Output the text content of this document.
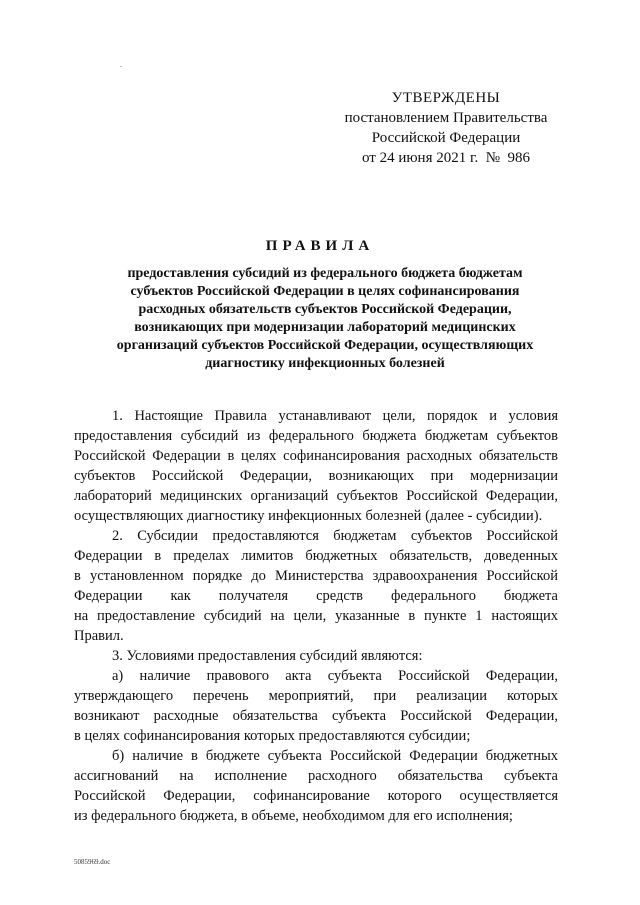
УТВЕРЖДЕНЫ
постановлением Правительства
Российской Федерации
от 24 июня 2021 г.  №  986
ПРАВИЛА
предоставления субсидий из федерального бюджета бюджетам
субъектов Российской Федерации в целях софинансирования
расходных обязательств субъектов Российской Федерации,
возникающих при модернизации лабораторий медицинских
организаций субъектов Российской Федерации, осуществляющих
диагностику инфекционных болезней
1. Настоящие Правила устанавливают цели, порядок и условия
предоставления субсидий из федерального бюджета бюджетам субъектов
Российской Федерации в целях софинансирования расходных обязательств
субъектов Российской Федерации, возникающих при модернизации
лабораторий медицинских организаций субъектов Российской Федерации,
осуществляющих диагностику инфекционных болезней (далее - субсидии).
2. Субсидии предоставляются бюджетам субъектов Российской
Федерации в пределах лимитов бюджетных обязательств, доведенных
в установленном порядке до Министерства здравоохранения Российской
Федерации как получателя средств федерального бюджета
на предоставление субсидий на цели, указанные в пункте 1 настоящих
Правил.
3. Условиями предоставления субсидий являются:
а) наличие правового акта субъекта Российской Федерации,
утверждающего перечень мероприятий, при реализации которых
возникают расходные обязательства субъекта Российской Федерации,
в целях софинансирования которых предоставляются субсидии;
б) наличие в бюджете субъекта Российской Федерации бюджетных
ассигнований на исполнение расходного обязательства субъекта
Российской Федерации, софинансирование которого осуществляется
из федерального бюджета, в объеме, необходимом для его исполнения;
5085969.doc
